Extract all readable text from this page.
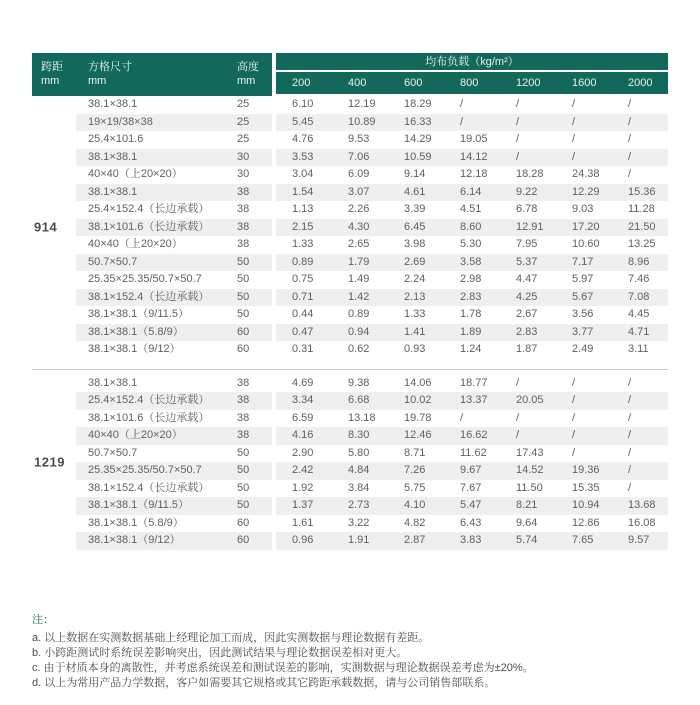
跨距
mm
方格尺寸
mm
高度
mm
均布负载（kg/m²）
200	400	600	800	1200	1600	2000
914
38.1×38.1	25	6.10	12.19	18.29	/	/	/	/
19×19/38×38	25	5.45	10.89	16.33	/	/	/	/
25.4×101.6	25	4.76	9.53	14.29	19.05	/	/	/
38.1×38.1	30	3.53	7.06	10.59	14.12	/	/	/
40×40（上20×20）	30	3.04	6.09	9.14	12.18	18.28	24.38	/
38.1×38.1	38	1.54	3.07	4.61	6.14	9.22	12.29	15.36
25.4×152.4（长边承载）	38	1.13	2.26	3.39	4.51	6.78	9.03	11.28
38.1×101.6（长边承载）	38	2.15	4.30	6.45	8.60	12.91	17.20	21.50
40×40（上20×20）	38	1.33	2.65	3.98	5.30	7.95	10.60	13.25
50.7×50.7	50	0.89	1.79	2.69	3.58	5.37	7.17	8.96
25.35×25.35/50.7×50.7	50	0.75	1.49	2.24	2.98	4.47	5.97	7.46
38.1×152.4（长边承载）	50	0.71	1.42	2.13	2.83	4.25	5.67	7.08
38.1×38.1（9/11.5）	50	0.44	0.89	1.33	1.78	2.67	3.56	4.45
38.1×38.1（5.8/9）	60	0.47	0.94	1.41	1.89	2.83	3.77	4.71
38.1×38.1（9/12）	60	0.31	0.62	0.93	1.24	1.87	2.49	3.11
1219
38.1×38.1	38	4.69	9.38	14.06	18.77	/	/	/
25.4×152.4（长边承载）	38	3.34	6.68	10.02	13.37	20.05	/	/
38.1×101.6（长边承载）	38	6.59	13.18	19.78	/	/	/	/
40×40（上20×20）	38	4.16	8.30	12.46	16.62	/	/	/
50.7×50.7	50	2.90	5.80	8.71	11.62	17.43	/	/
25.35×25.35/50.7×50.7	50	2.42	4.84	7.26	9.67	14.52	19.36	/
38.1×152.4（长边承载）	50	1.92	3.84	5.75	7.67	11.50	15.35	/
38.1×38.1（9/11.5）	50	1.37	2.73	4.10	5.47	8.21	10.94	13.68
38.1×38.1（5.8/9）	60	1.61	3.22	4.82	6.43	9.64	12.86	16.08
38.1×38.1（9/12）	60	0.96	1.91	2.87	3.83	5.74	7.65	9.57
注：
a. 以上数据在实测数据基础上经理论加工而成，因此实测数据与理论数据有差距。
b. 小跨距测试时系统误差影响突出，因此测试结果与理论数据误差相对更大。
c. 由于材质本身的离散性，并考虑系统误差和测试误差的影响，实测数据与理论数据误差考虑为±20%。
d. 以上为常用产品力学数据，客户如需要其它规格或其它跨距承载数据，请与公司销售部联系。
